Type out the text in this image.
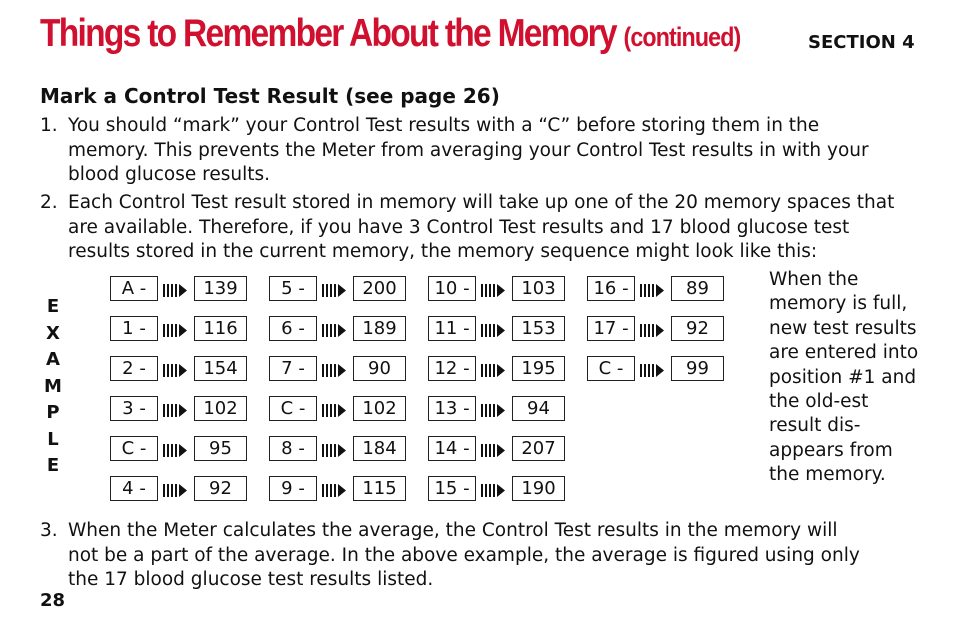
Things to Remember About the Memory (continued)	SECTION 4
Mark a Control Test Result (see page 26)
1. You should “mark” your Control Test results with a “C” before storing them in the memory. This prevents the Meter from averaging your Control Test results in with your blood glucose results.
2. Each Control Test result stored in memory will take up one of the 20 memory spaces that are available. Therefore, if you have 3 Control Test results and 17 blood glucose test results stored in the current memory, the memory sequence might look like this:
3. When the Meter calculates the average, the Control Test results in the memory will not be a part of the average. In the above example, the average is figured using only the 17 blood glucose test results listed.
E
X
A
M
P
L
E
A -	139
1 -	116
2 -	154
3 -	102
C -	95
4 -	92
5 -	200
6 -	189
7 -	90
C -	102
8 -	184
9 -	115
10 -	103
11 -	153
12 -	195
13 -	94
14 -	207
15 -	190
16 -	89
17 -	92
C -	99
When the memory is full, new test results are entered into position #1 and the old-est result dis-appears from the memory.
28
